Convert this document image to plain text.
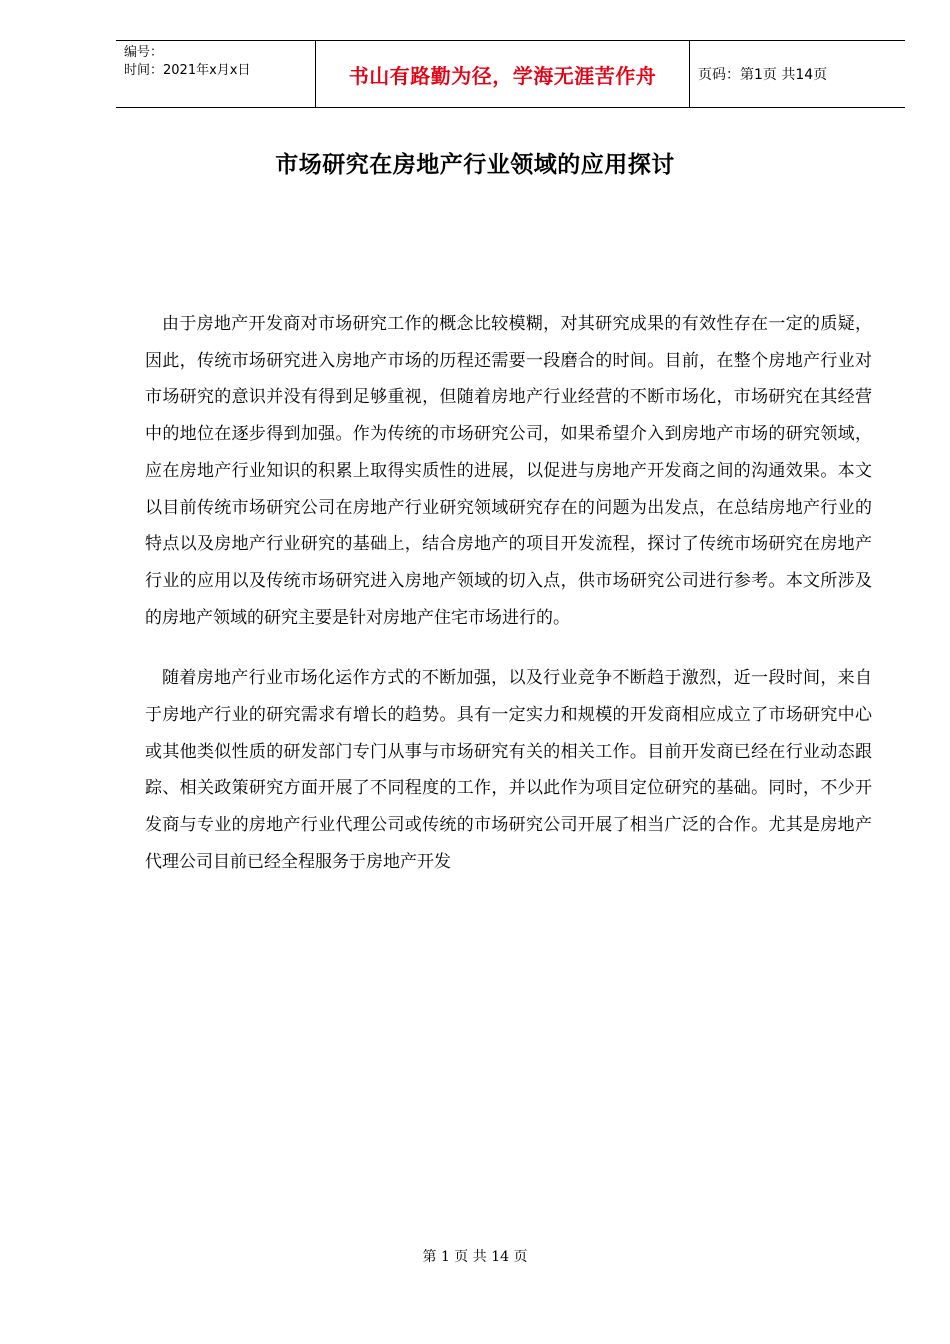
编号：
时间：2021年x月x日	书山有路勤为径，学海无涯苦作舟	页码：第1页 共14页
市场研究在房地产行业领域的应用探讨

由于房地产开发商对市场研究工作的概念比较模糊，对其研究成果的有效性存在一定的质疑，因此，传统市场研究进入房地产市场的历程还需要一段磨合的时间。目前，在整个房地产行业对市场研究的意识并没有得到足够重视，但随着房地产行业经营的不断市场化，市场研究在其经营中的地位在逐步得到加强。作为传统的市场研究公司，如果希望介入到房地产市场的研究领域，应在房地产行业知识的积累上取得实质性的进展，以促进与房地产开发商之间的沟通效果。本文以目前传统市场研究公司在房地产行业研究领域研究存在的问题为出发点，在总结房地产行业的特点以及房地产行业研究的基础上，结合房地产的项目开发流程，探讨了传统市场研究在房地产行业的应用以及传统市场研究进入房地产领域的切入点，供市场研究公司进行参考。本文所涉及的房地产领域的研究主要是针对房地产住宅市场进行的。

随着房地产行业市场化运作方式的不断加强，以及行业竞争不断趋于激烈，近一段时间，来自于房地产行业的研究需求有增长的趋势。具有一定实力和规模的开发商相应成立了市场研究中心或其他类似性质的研发部门专门从事与市场研究有关的相关工作。目前开发商已经在行业动态跟踪、相关政策研究方面开展了不同程度的工作，并以此作为项目定位研究的基础。同时，不少开发商与专业的房地产行业代理公司或传统的市场研究公司开展了相当广泛的合作。尤其是房地产代理公司目前已经全程服务于房地产开发

第 1 页 共 14 页
